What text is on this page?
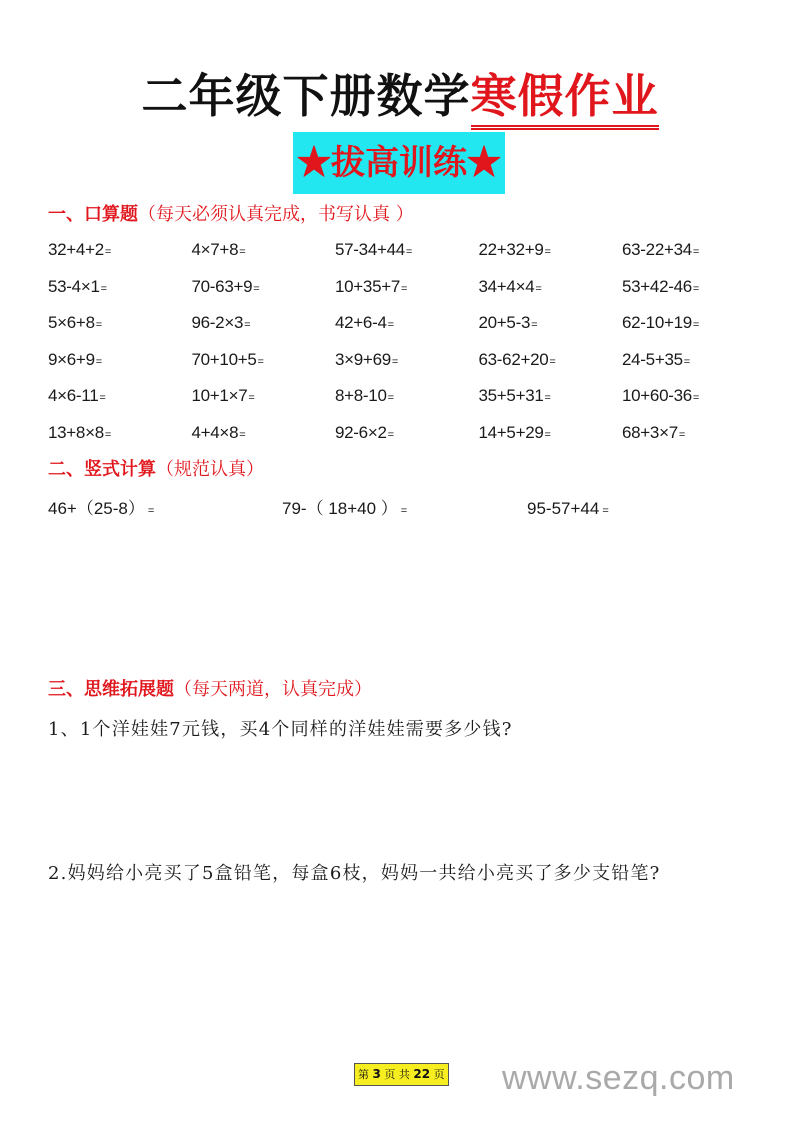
二年级下册数学寒假作业
★拔高训练★
一、口算题（每天必须认真完成，书写认真 ）
32+4+2=	4×7+8=	57-34+44=	22+32+9=	63-22+34=
53-4×1=	70-63+9=	10+35+7=	34+4×4=	53+42-46=
5×6+8=	96-2×3=	42+6-4=	20+5-3=	62-10+19=
9×6+9=	70+10+5=	3×9+69=	63-62+20=	24-5+35=
4×6-11=	10+1×7=	8+8-10=	35+5+31=	10+60-36=
13+8×8=	4+4×8=	92-6×2=	14+5+29=	68+3×7=
二、竖式计算（规范认真）
46+（25-8） =	79-（ 18+40 ） =	95-57+44 =
三、思维拓展题（每天两道，认真完成）
1、1个洋娃娃7元钱，买4个同样的洋娃娃需要多少钱?
2.妈妈给小亮买了5盒铅笔，每盒6枝，妈妈一共给小亮买了多少支铅笔?
第 3 页 共 22 页 www.sezq.com
